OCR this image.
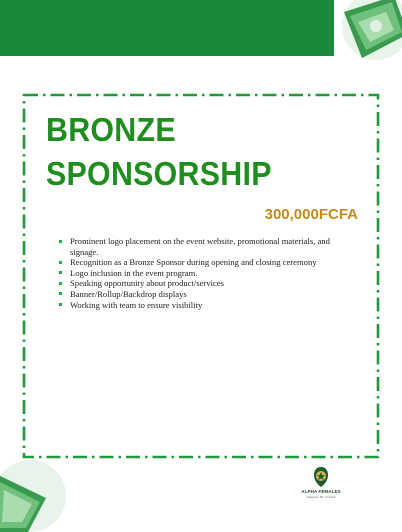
BRONZE
SPONSORSHIP
300,000FCFA
Prominent logo placement on the event website, promotional materials, and signage.
Recognition as a Bronze Sponsor during opening and closing ceremony
Logo inclusion in the event program.
Speaking opportunity about product/services
Banner/Rollup/Backdrop displays
Working with team to ensure visibility
ALPHA FEMALES
Network | Be Yourself
